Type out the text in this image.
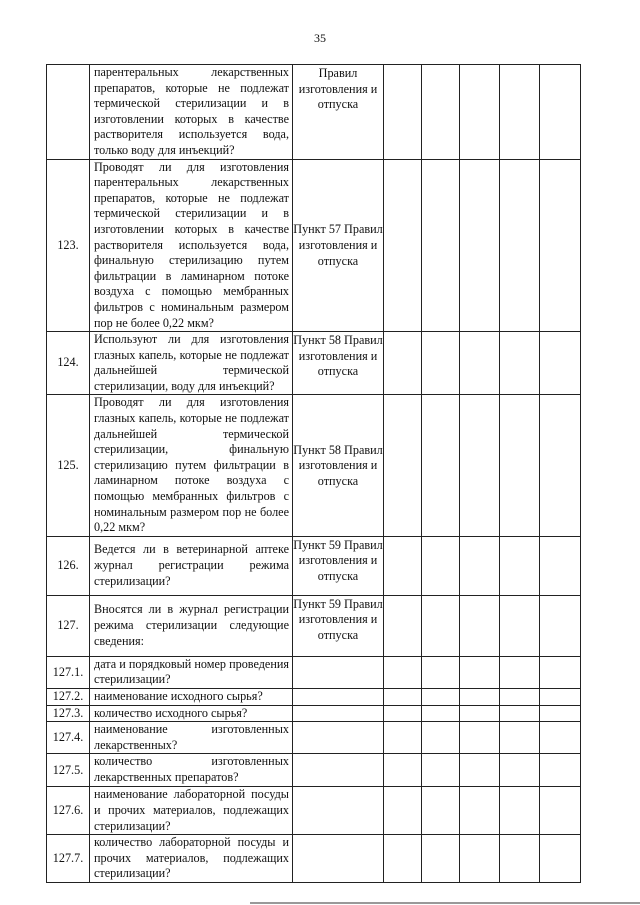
35
	парентеральных лекарственных препаратов, которые не подлежат термической стерилизации и в изготовлении которых в качестве растворителя используется вода, только воду для инъекций?	Правил изготовления и отпуска					
123.	Проводят ли для изготовления парентеральных лекарственных препаратов, которые не подлежат термической стерилизации и в изготовлении которых в качестве растворителя используется вода, финальную стерилизацию путем фильтрации в ламинарном потоке воздуха с помощью мембранных фильтров с номинальным размером пор не более 0,22 мкм?	Пункт 57 Правил изготовления и отпуска					
124.	Используют ли для изготовления глазных капель, которые не подлежат дальнейшей термической стерилизации, воду для инъекций?	Пункт 58 Правил изготовления и отпуска					
125.	Проводят ли для изготовления глазных капель, которые не подлежат дальнейшей термической стерилизации, финальную стерилизацию путем фильтрации в ламинарном потоке воздуха с помощью мембранных фильтров с номинальным размером пор не более 0,22 мкм?	Пункт 58 Правил изготовления и отпуска					
126.	Ведется ли в ветеринарной аптеке журнал регистрации режима стерилизации?	Пункт 59 Правил изготовления и отпуска					
127.	Вносятся ли в журнал регистрации режима стерилизации следующие сведения:	Пункт 59 Правил изготовления и отпуска					
127.1.	дата и порядковый номер проведения стерилизации?						
127.2.	наименование исходного сырья?						
127.3.	количество исходного сырья?						
127.4.	наименование изготовленных лекарственных?						
127.5.	количество изготовленных лекарственных препаратов?						
127.6.	наименование лабораторной посуды и прочих материалов, подлежащих стерилизации?						
127.7.	количество лабораторной посуды и прочих материалов, подлежащих стерилизации?						
